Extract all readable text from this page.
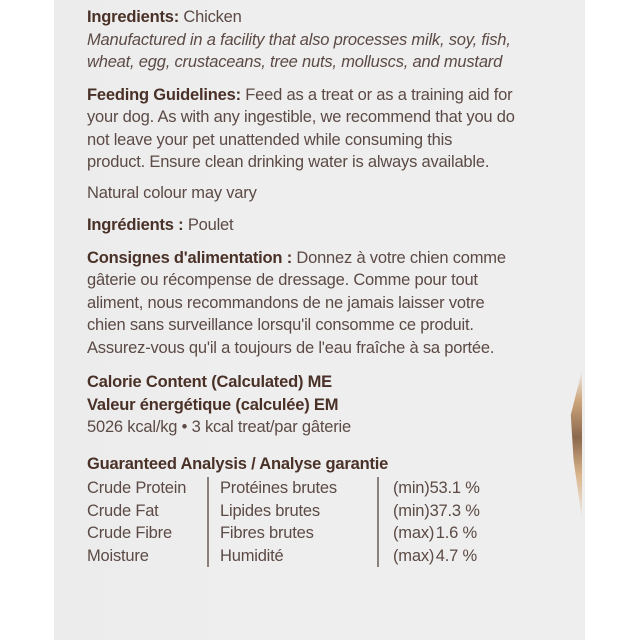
Ingredients: Chicken
Manufactured in a facility that also processes milk, soy, fish,
wheat, egg, crustaceans, tree nuts, molluscs, and mustard
Feeding Guidelines: Feed as a treat or as a training aid for
your dog. As with any ingestible, we recommend that you do
not leave your pet unattended while consuming this
product. Ensure clean drinking water is always available.
Natural colour may vary
Ingrédients : Poulet
Consignes d'alimentation : Donnez à votre chien comme
gâterie ou récompense de dressage. Comme pour tout
aliment, nous recommandons de ne jamais laisser votre
chien sans surveillance lorsqu'il consomme ce produit.
Assurez-vous qu'il a toujours de l'eau fraîche à sa portée.
Calorie Content (Calculated) ME
Valeur énergétique (calculée) EM
5026 kcal/kg • 3 kcal treat/par gâterie
Guaranteed Analysis / Analyse garantie
Crude Protein	Protéines brutes	(min) 53.1 %
Crude Fat	Lipides brutes	(min) 37.3 %
Crude Fibre	Fibres brutes	(max) 1.6 %
Moisture	Humidité	(max) 4.7 %
